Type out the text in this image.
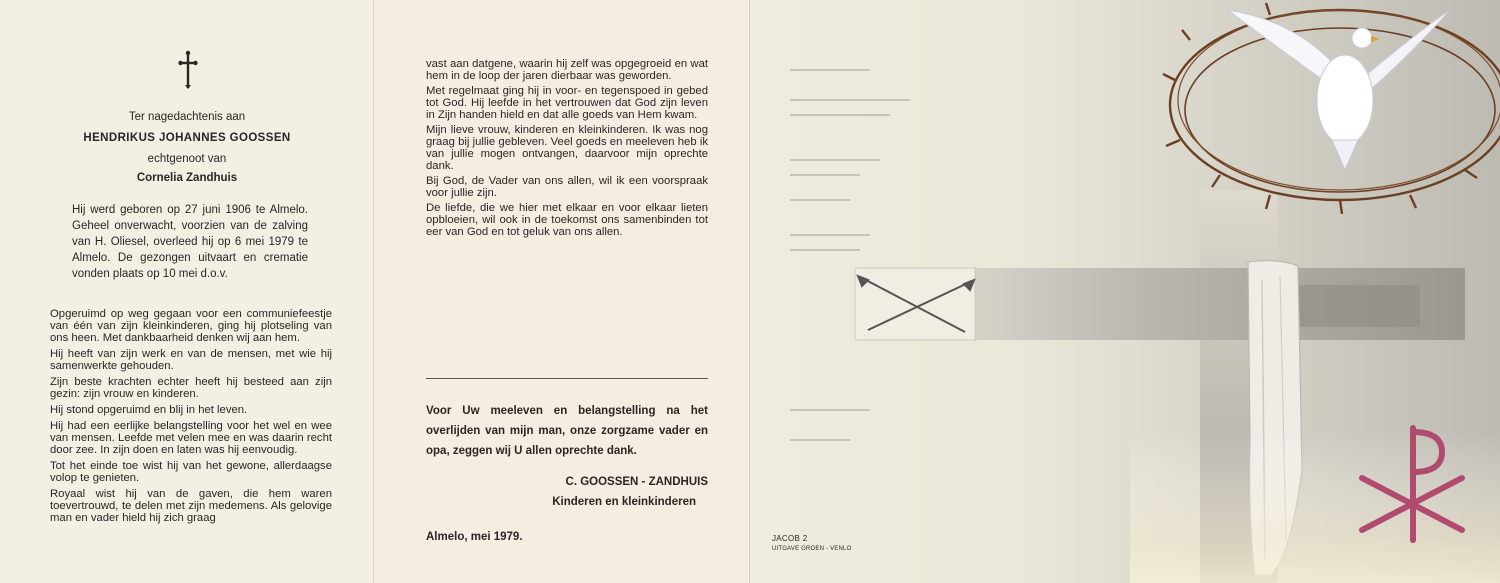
Ter nagedachtenis aan
HENDRIKUS JOHANNES GOOSSEN
echtgenoot van
Cornelia Zandhuis

Hij werd geboren op 27 juni 1906 te Almelo. Geheel onverwacht, voorzien van de zalving van H. Oliesel, overleed hij op 6 mei 1979 te Almelo. De gezongen uitvaart en crematie vonden plaats op 10 mei d.o.v.

Opgeruimd op weg gegaan voor een communiefeestje van één van zijn kleinkinderen, ging hij plotseling van ons heen. Met dankbaarheid denken wij aan hem.

Hij heeft van zijn werk en van de mensen, met wie hij samenwerkte gehouden.

Zijn beste krachten echter heeft hij besteed aan zijn gezin: zijn vrouw en kinderen.

Hij stond opgeruimd en blij in het leven.

Hij had een eerlijke belangstelling voor het wel en wee van mensen. Leefde met velen mee en was daarin recht door zee. In zijn doen en laten was hij eenvoudig.

Tot het einde toe wist hij van het gewone, allerdaagse volop te genieten.

Royaal wist hij van de gaven, die hem waren toevertrouwd, te delen met zijn medemens. Als gelovige man en vader hield hij zich graag

vast aan datgene, waarin hij zelf was opgegroeid en wat hem in de loop der jaren dierbaar was geworden.

Met regelmaat ging hij in voor- en tegenspoed in gebed tot God. Hij leefde in het vertrouwen dat God zijn leven in Zijn handen hield en dat alle goeds van Hem kwam.

Mijn lieve vrouw, kinderen en kleinkinderen. Ik was nog graag bij jullie gebleven. Veel goeds en meeleven heb ik van jullie mogen ontvangen, daarvoor mijn oprechte dank.

Bij God, de Vader van ons allen, wil ik een voorspraak voor jullie zijn.

De liefde, die we hier met elkaar en voor elkaar lieten opbloeien, wil ook in de toekomst ons samenbinden tot eer van God en tot geluk van ons allen.

Voor Uw meeleven en belangstelling na het overlijden van mijn man, onze zorgzame vader en opa, zeggen wij U allen oprechte dank.

C. GOOSSEN - ZANDHUIS
Kinderen en kleinkinderen
Almelo, mei 1979.	JACOB 2
UITGAVE GROEN - VENLO
